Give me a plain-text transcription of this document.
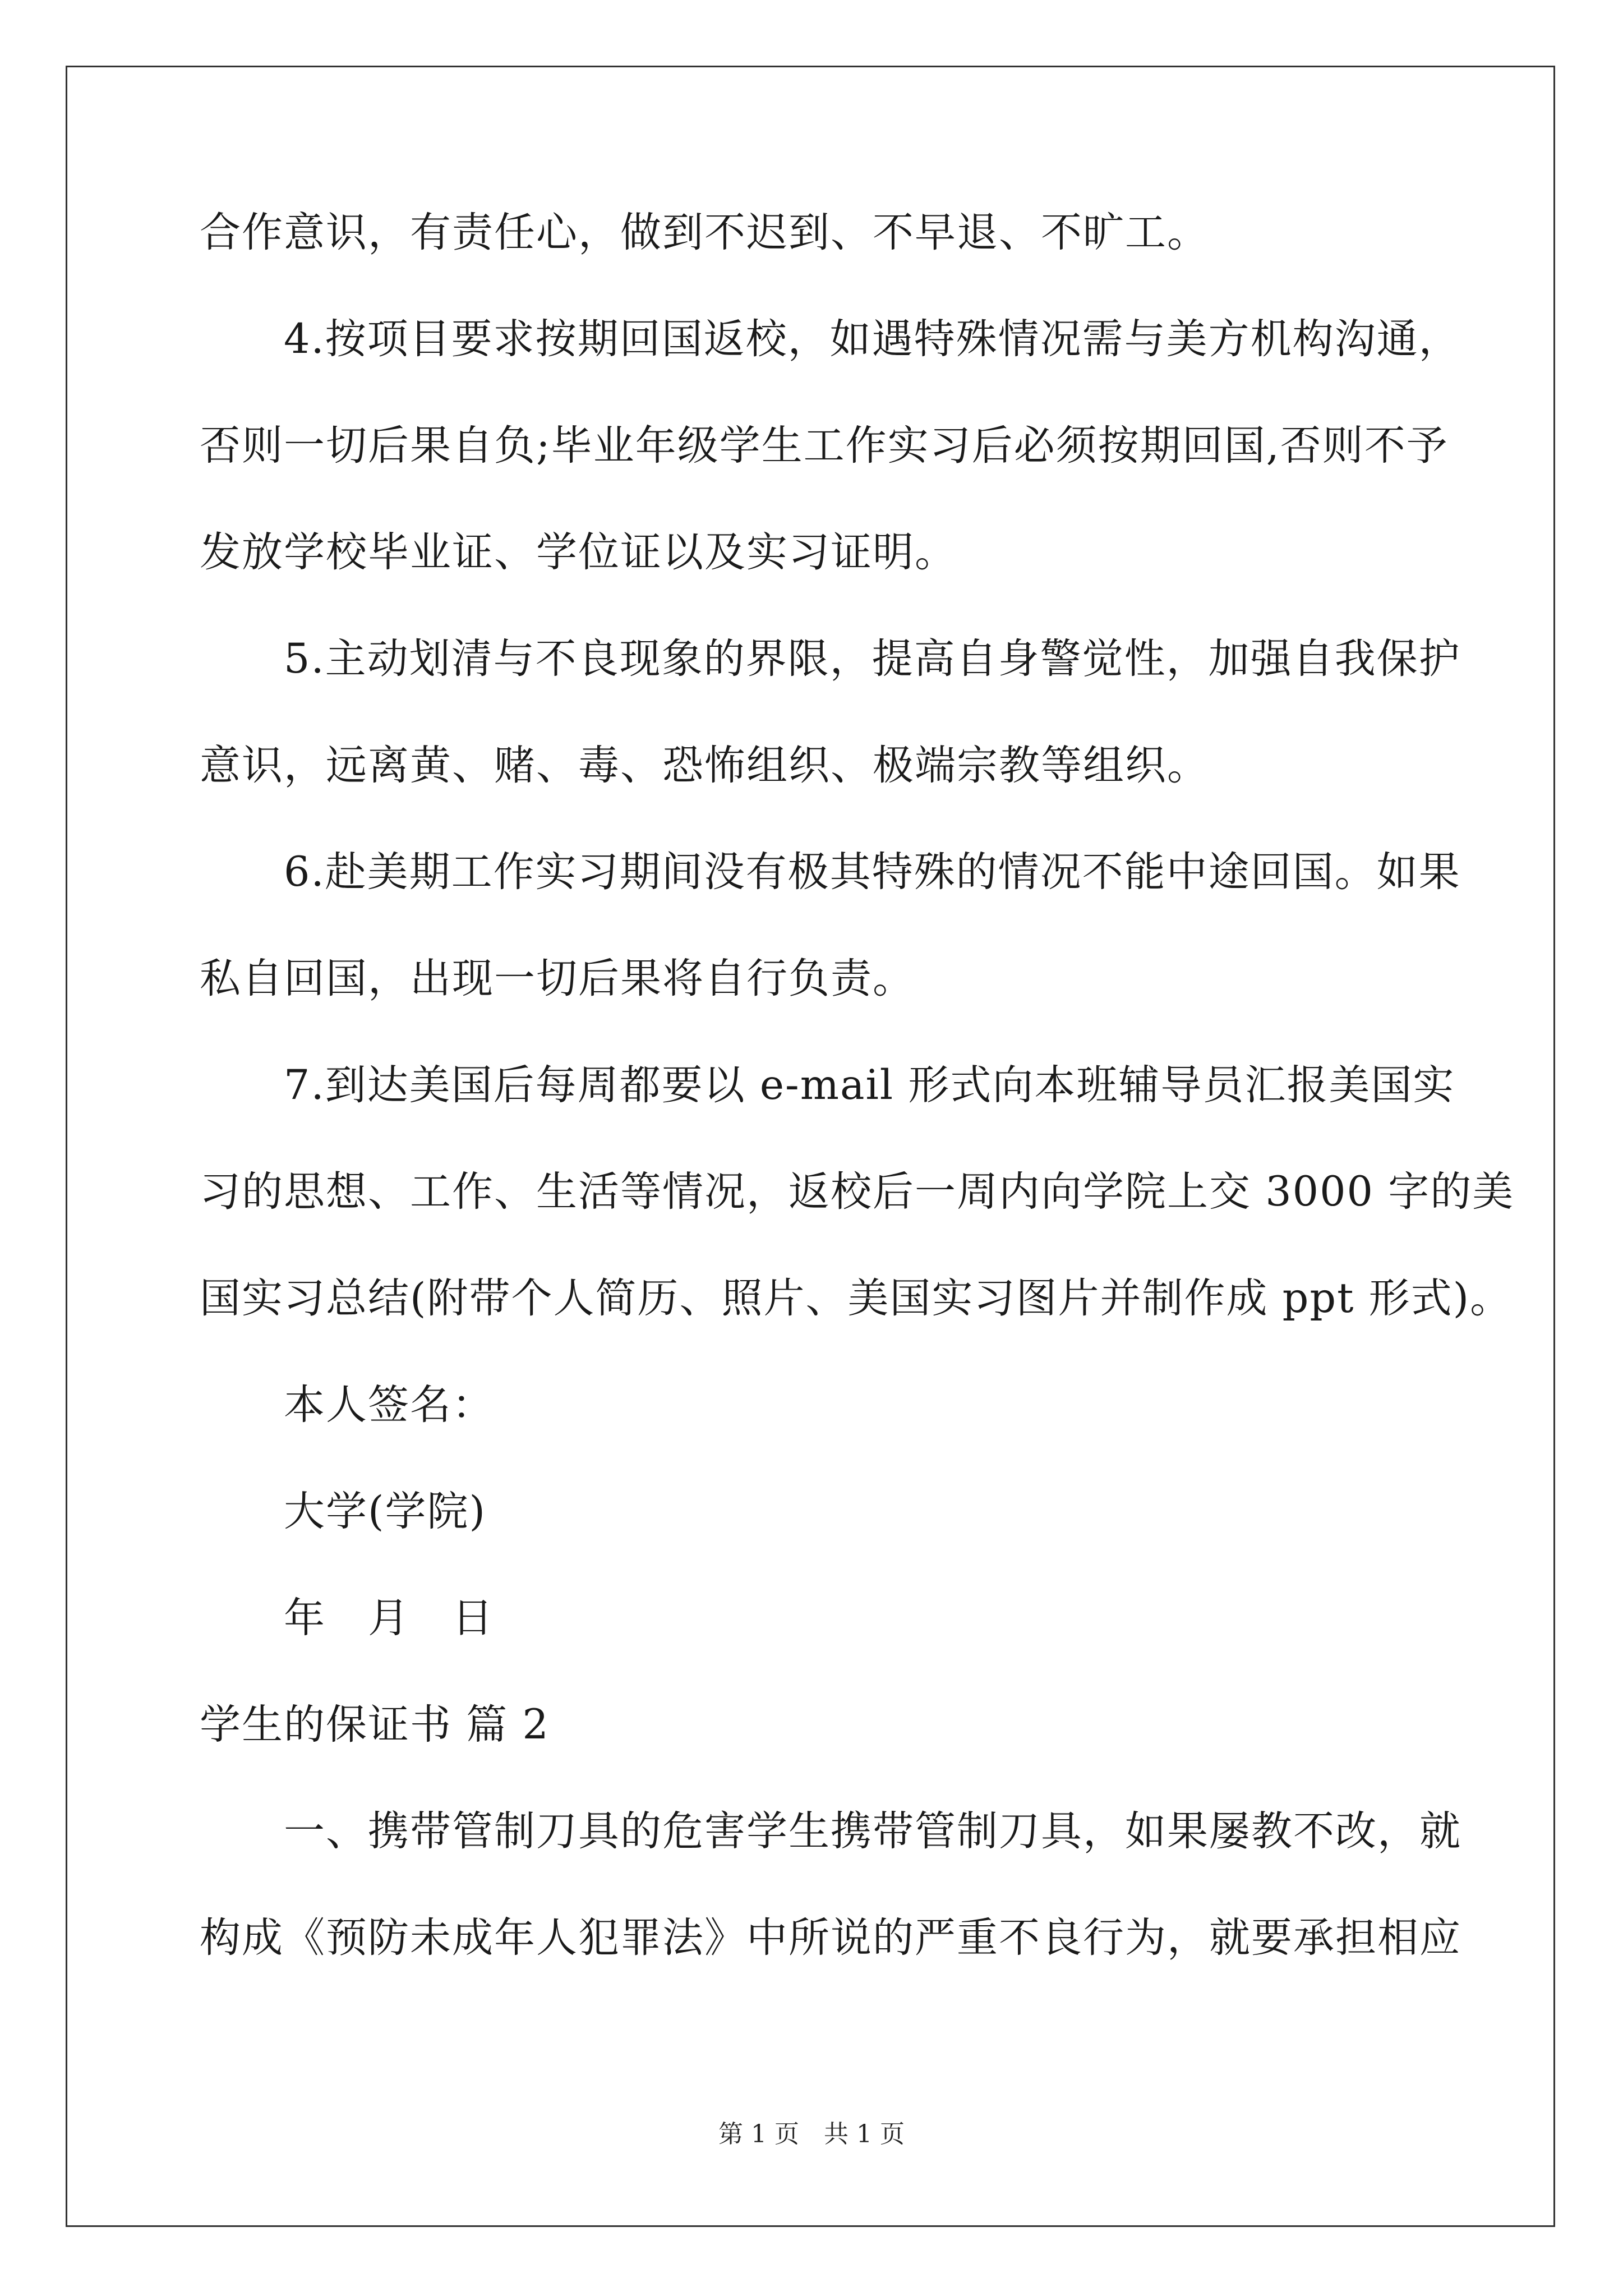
合作意识，有责任心，做到不迟到、不早退、不旷工。
　　4.按项目要求按期回国返校，如遇特殊情况需与美方机构沟通，
否则一切后果自负;毕业年级学生工作实习后必须按期回国,否则不予
发放学校毕业证、学位证以及实习证明。
　　5.主动划清与不良现象的界限，提高自身警觉性，加强自我保护
意识，远离黄、赌、毒、恐怖组织、极端宗教等组织。
　　6.赴美期工作实习期间没有极其特殊的情况不能中途回国。如果
私自回国，出现一切后果将自行负责。
　　7.到达美国后每周都要以 e-mail 形式向本班辅导员汇报美国实
习的思想、工作、生活等情况，返校后一周内向学院上交 3000 字的美
国实习总结(附带个人简历、照片、美国实习图片并制作成 ppt 形式)。
　　本人签名：
　　大学(学院)
　　年　月　日
学生的保证书 篇 2
　　一、携带管制刀具的危害学生携带管制刀具，如果屡教不改，就
构成《预防未成年人犯罪法》中所说的严重不良行为，就要承担相应
第 1 页　共 1 页
